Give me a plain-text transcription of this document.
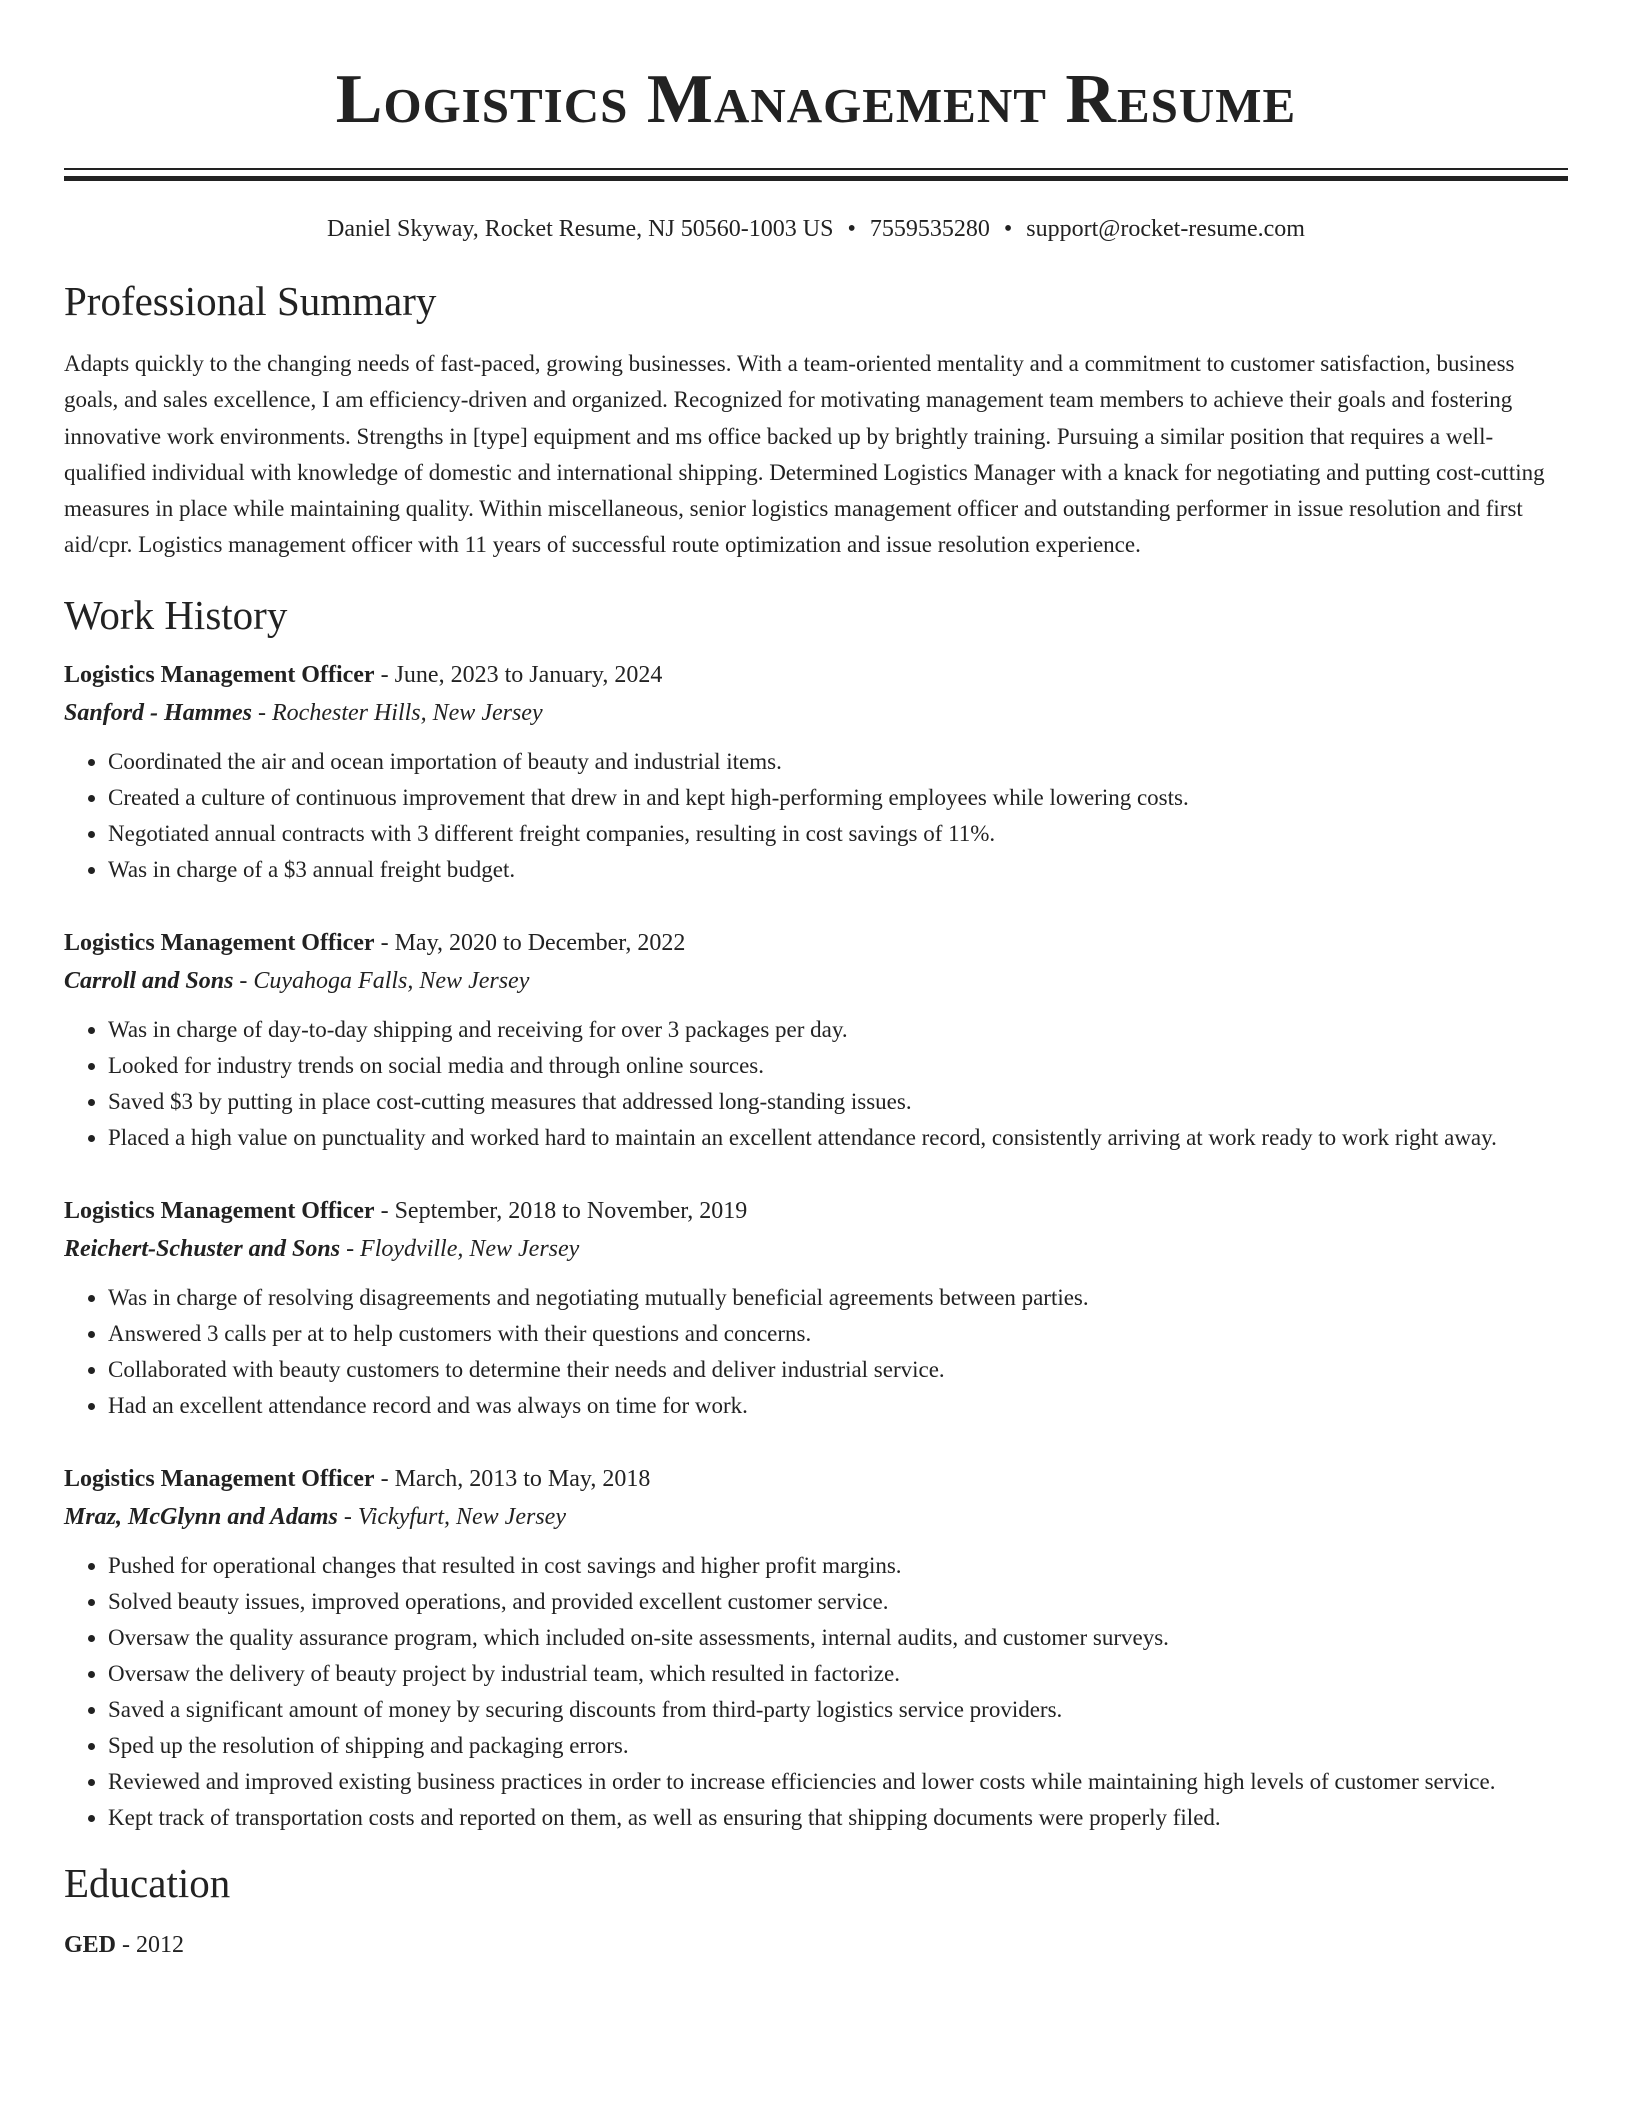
Logistics Management Resume
Daniel Skyway, Rocket Resume, NJ 50560-1003 US • 7559535280 • support@rocket-resume.com
Professional Summary

Adapts quickly to the changing needs of fast-paced, growing businesses. With a team-oriented mentality and a commitment to customer satisfaction, business goals, and sales excellence, I am efficiency-driven and organized. Recognized for motivating management team members to achieve their goals and fostering innovative work environments. Strengths in [type] equipment and ms office backed up by brightly training. Pursuing a similar position that requires a well-qualified individual with knowledge of domestic and international shipping. Determined Logistics Manager with a knack for negotiating and putting cost-cutting measures in place while maintaining quality. Within miscellaneous, senior logistics management officer and outstanding performer in issue resolution and first aid/cpr. Logistics management officer with 11 years of successful route optimization and issue resolution experience.

Work History
Logistics Management Officer - June, 2023 to January, 2024
Sanford - Hammes - Rochester Hills, New Jersey
• Coordinated the air and ocean importation of beauty and industrial items.
• Created a culture of continuous improvement that drew in and kept high-performing employees while lowering costs.
• Negotiated annual contracts with 3 different freight companies, resulting in cost savings of 11%.
• Was in charge of a $3 annual freight budget.
Logistics Management Officer - May, 2020 to December, 2022
Carroll and Sons - Cuyahoga Falls, New Jersey
• Was in charge of day-to-day shipping and receiving for over 3 packages per day.
• Looked for industry trends on social media and through online sources.
• Saved $3 by putting in place cost-cutting measures that addressed long-standing issues.
• Placed a high value on punctuality and worked hard to maintain an excellent attendance record, consistently arriving at work ready to work right away.
Logistics Management Officer - September, 2018 to November, 2019
Reichert-Schuster and Sons - Floydville, New Jersey
• Was in charge of resolving disagreements and negotiating mutually beneficial agreements between parties.
• Answered 3 calls per at to help customers with their questions and concerns.
• Collaborated with beauty customers to determine their needs and deliver industrial service.
• Had an excellent attendance record and was always on time for work.
Logistics Management Officer - March, 2013 to May, 2018
Mraz, McGlynn and Adams - Vickyfurt, New Jersey
• Pushed for operational changes that resulted in cost savings and higher profit margins.
• Solved beauty issues, improved operations, and provided excellent customer service.
• Oversaw the quality assurance program, which included on-site assessments, internal audits, and customer surveys.
• Oversaw the delivery of beauty project by industrial team, which resulted in factorize.
• Saved a significant amount of money by securing discounts from third-party logistics service providers.
• Sped up the resolution of shipping and packaging errors.
• Reviewed and improved existing business practices in order to increase efficiencies and lower costs while maintaining high levels of customer service.
• Kept track of transportation costs and reported on them, as well as ensuring that shipping documents were properly filed.
Education
GED - 2012
